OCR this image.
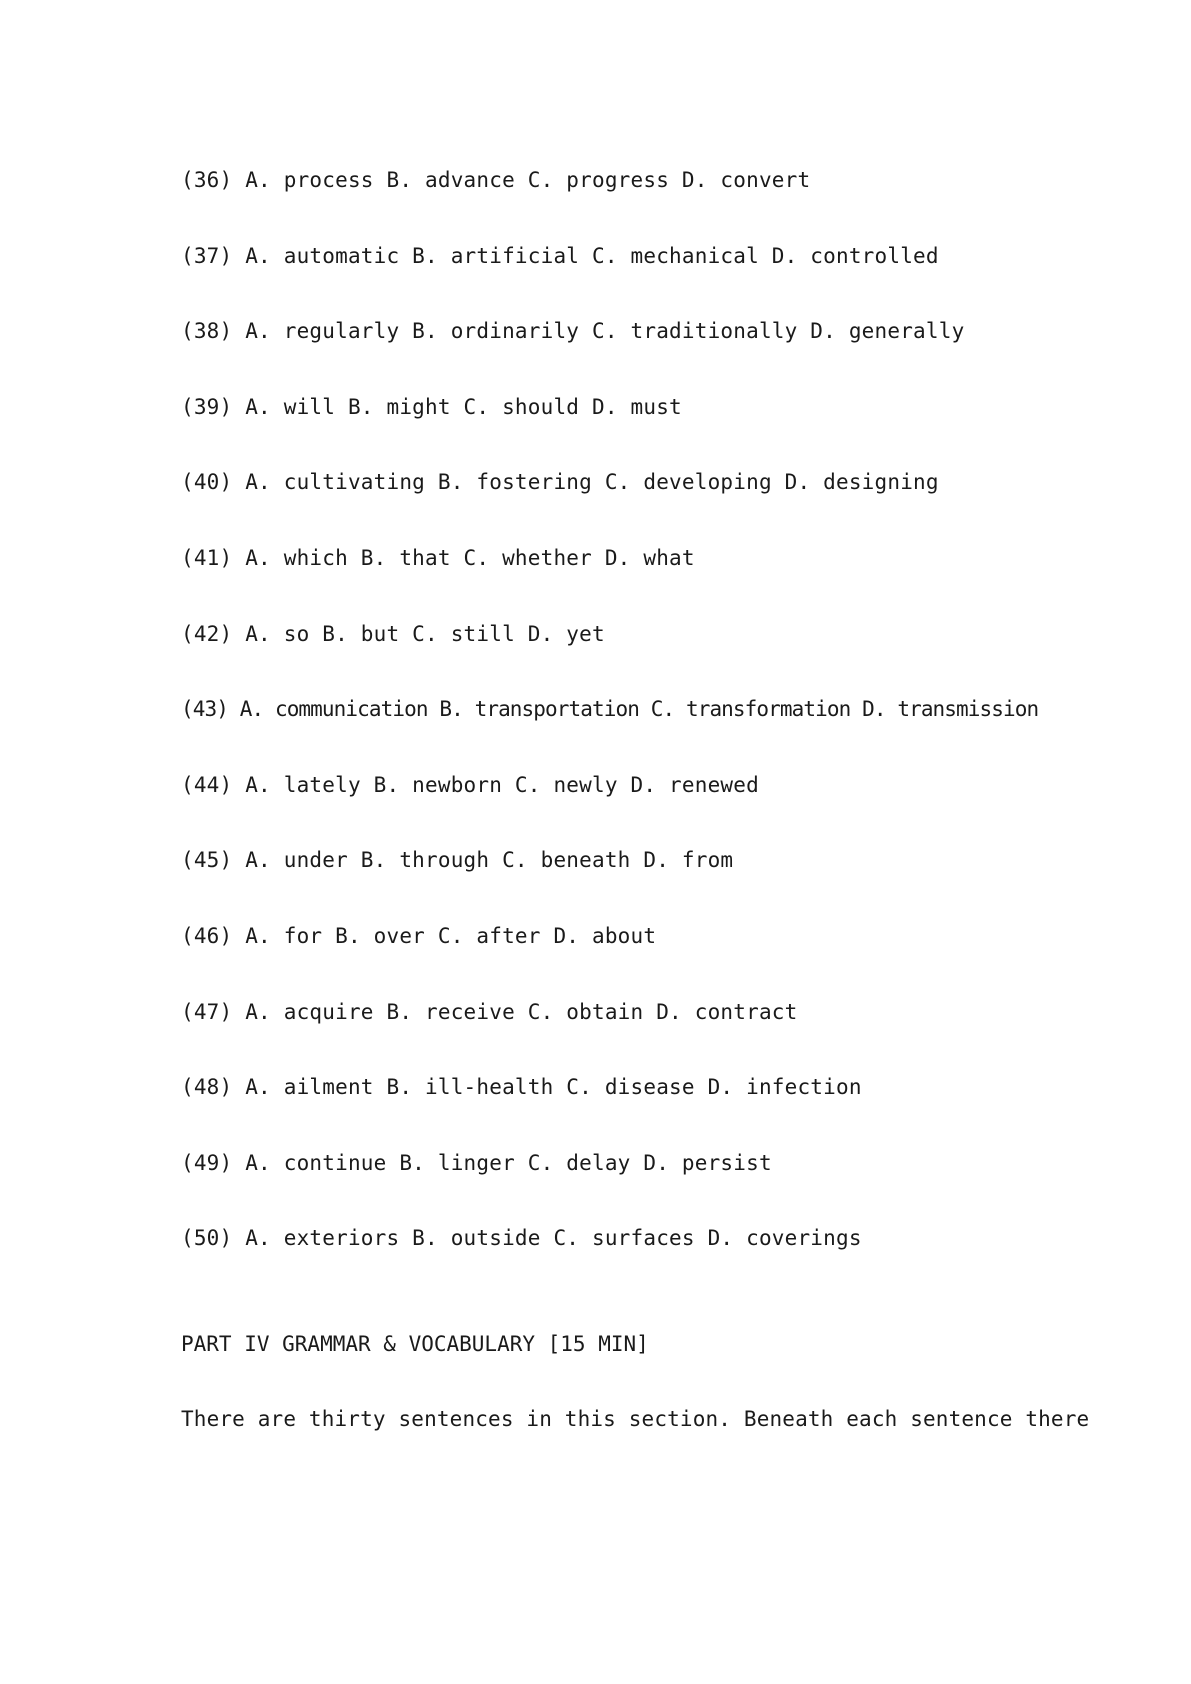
(36) A. process B. advance C. progress D. convert
(37) A. automatic B. artificial C. mechanical D. controlled
(38) A. regularly B. ordinarily C. traditionally D. generally
(39) A. will B. might C. should D. must
(40) A. cultivating B. fostering C. developing D. designing
(41) A. which B. that C. whether D. what
(42) A. so B. but C. still D. yet
(43) A. communication B. transportation C. transformation D. transmission
(44) A. lately B. newborn C. newly D. renewed
(45) A. under B. through C. beneath D. from
(46) A. for B. over C. after D. about
(47) A. acquire B. receive C. obtain D. contract
(48) A. ailment B. ill-health C. disease D. infection
(49) A. continue B. linger C. delay D. persist
(50) A. exteriors B. outside C. surfaces D. coverings
PART IV GRAMMAR & VOCABULARY [15 MIN]

There are thirty sentences in this section. Beneath each sentence there
